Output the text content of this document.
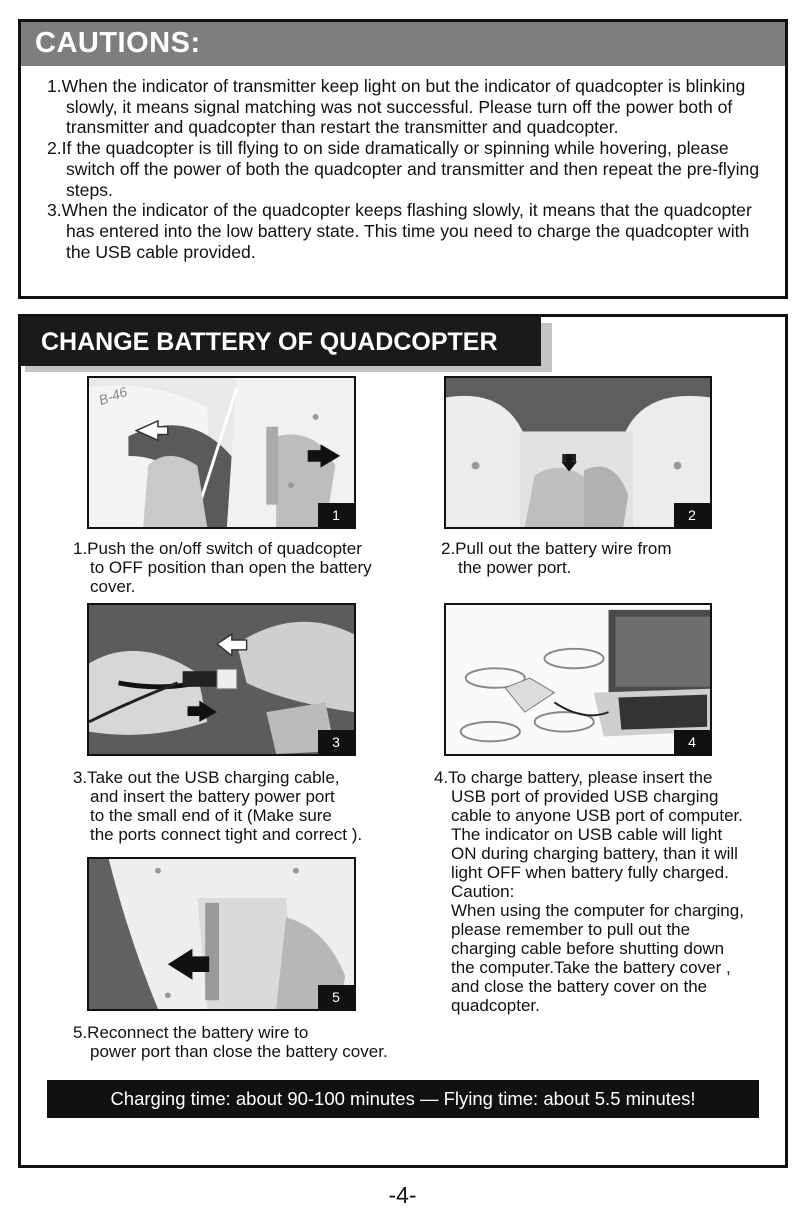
CAUTIONS:
1.When the indicator of transmitter keep light on but the indicator of quadcopter is blinking slowly, it means signal matching was not successful. Please turn off the power both of transmitter and quadcopter than restart the transmitter and quadcopter.
2.If the quadcopter is till flying to on side dramatically or spinning while hovering, please switch off the power of both the quadcopter and transmitter and then repeat the pre-flying steps.
3.When the indicator of the quadcopter keeps flashing slowly, it means that the quadcopter has entered into the low battery state. This time you need to charge the quadcopter with the USB cable provided.
CHANGE BATTERY OF QUADCOPTER
B-46
1	2

1.Push the on/off switch of quadcopter
to OFF position than open the battery
cover.

2.Pull out the battery wire from
the power port.

3	4

3.Take out the USB charging cable,
and insert the battery power port
to the small end of it (Make sure
the ports connect tight and correct ).

4.To charge battery, please insert the
USB port of provided USB charging
cable to anyone USB port of computer.
The indicator on USB cable will light
ON during charging battery, than it will
light OFF when battery fully charged.
Caution:
When using the computer for charging,
please remember to pull out the
charging cable before shutting down
the computer.Take the battery cover ,
and close the battery cover on the
quadcopter.

5

5.Reconnect the battery wire to
power port than close the battery cover.

Charging time: about 90-100 minutes — Flying time: about 5.5 minutes!
-4-
